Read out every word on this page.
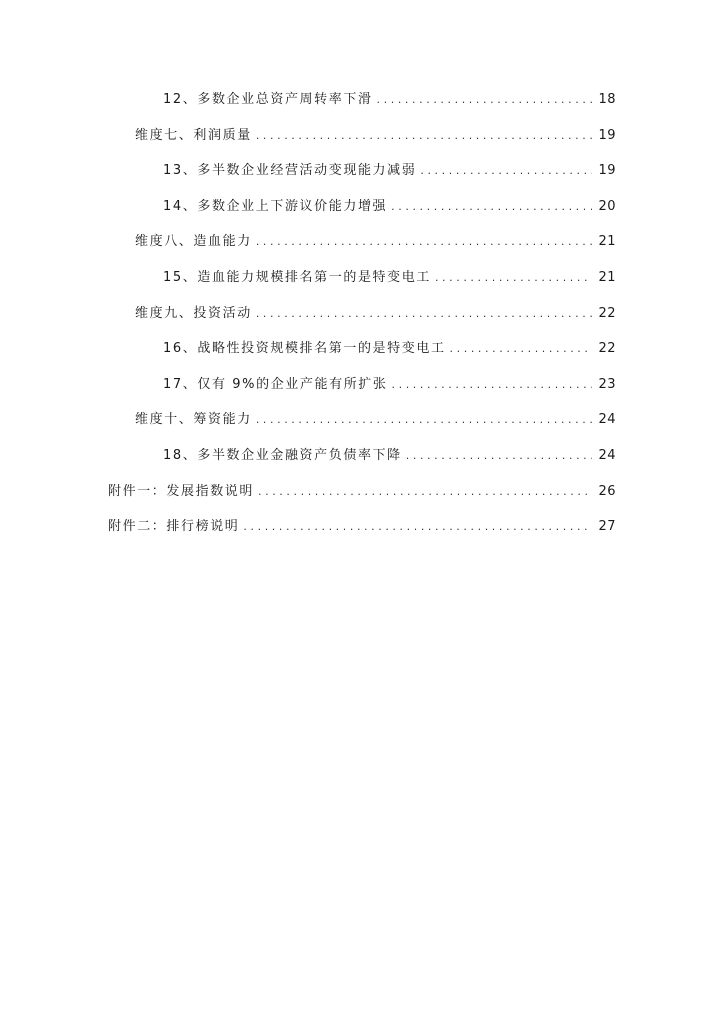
12、多数企业总资产周转率下滑 .....	18
维度七、利润质量 .....	19
13、多半数企业经营活动变现能力减弱 .....	19
14、多数企业上下游议价能力增强 .....	20
维度八、造血能力 .....	21
15、造血能力规模排名第一的是特变电工 .....	21
维度九、投资活动 .....	22
16、战略性投资规模排名第一的是特变电工 .....	22
17、仅有 9%的企业产能有所扩张 .....	23
维度十、筹资能力 .....	24
18、多半数企业金融资产负债率下降 .....	24
附件一：发展指数说明 .....	26
附件二：排行榜说明 .....	27
